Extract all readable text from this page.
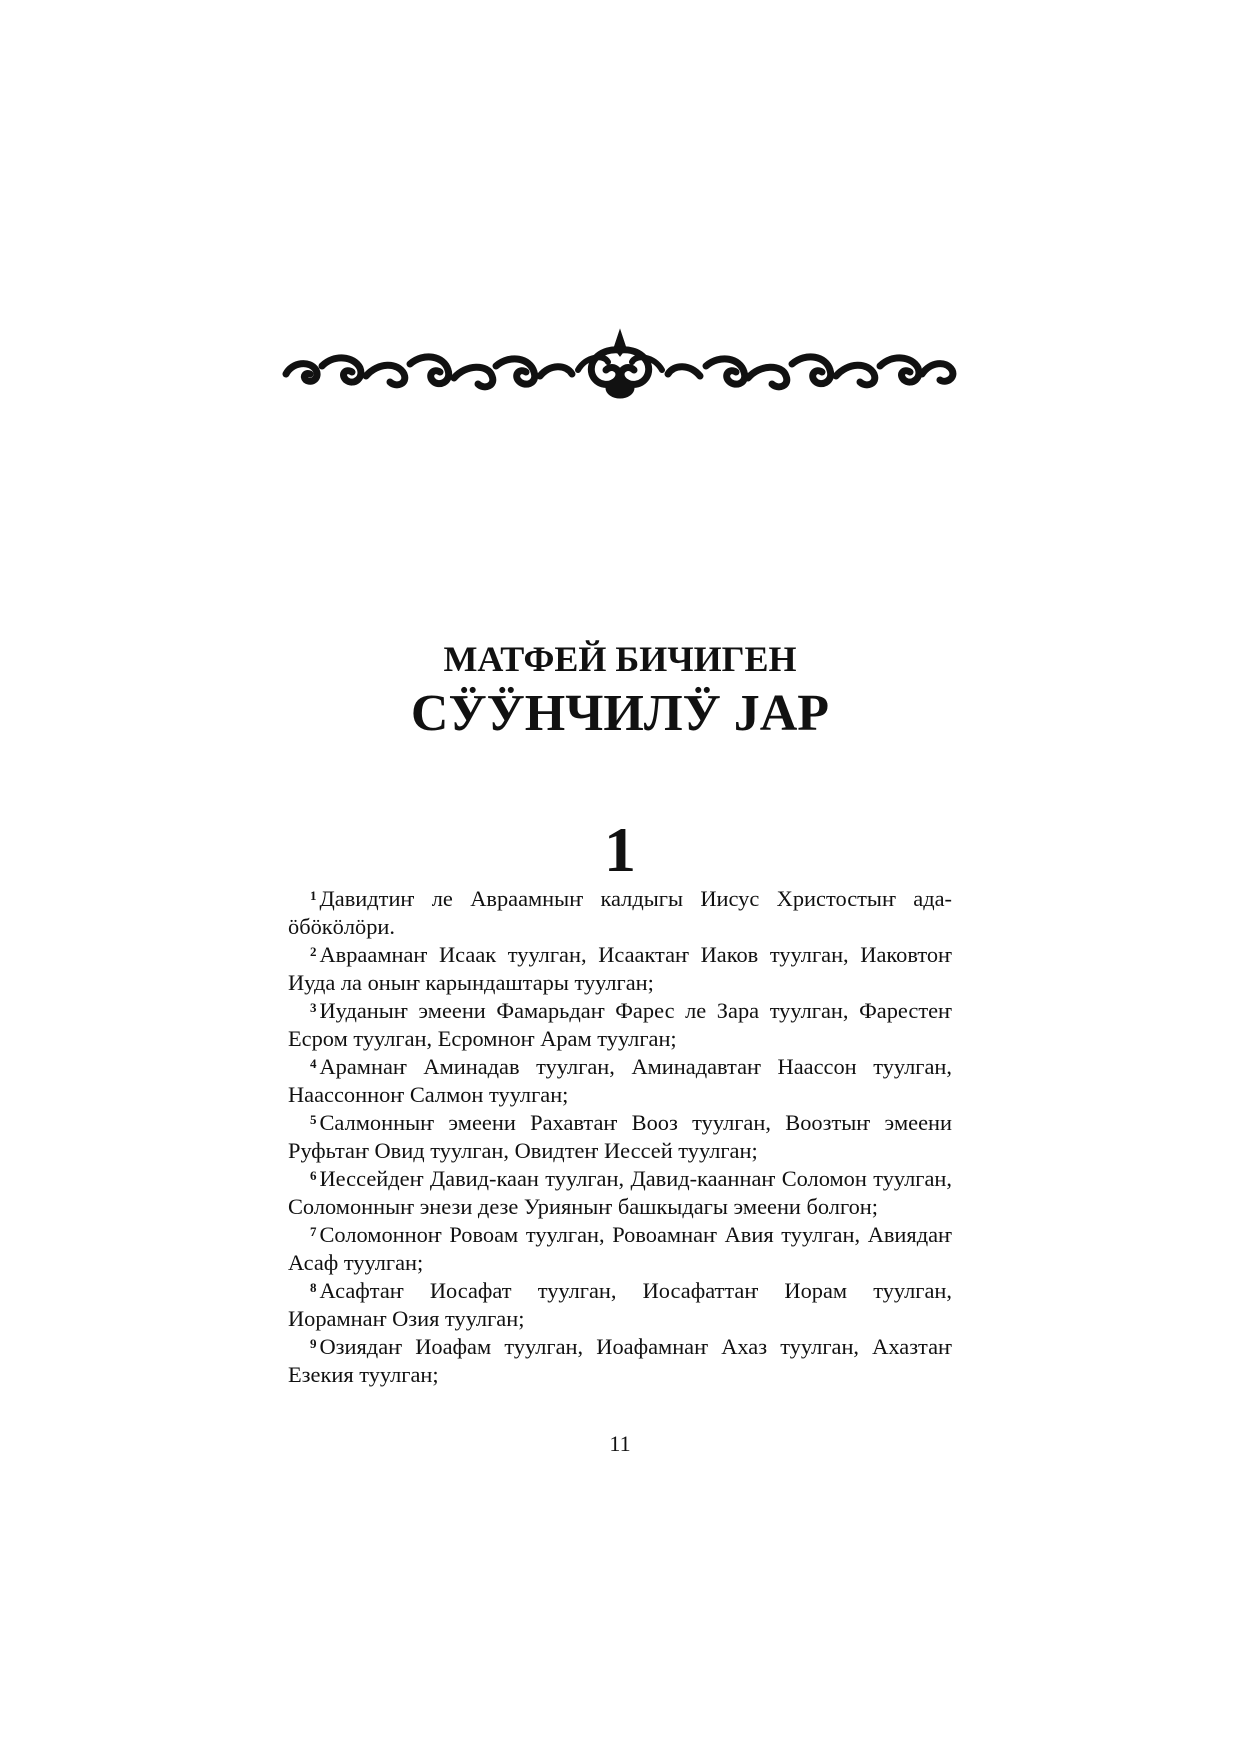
МАТФЕЙ БИЧИГЕН
СӰӰНЧИЛӰ ЈАР
1

$^1$ Давидтиҥ ле Авраамныҥ калдыгы Иисус Христостыҥ ада-ӧбӧкӧлӧри.

$^2$ Авраамнаҥ Исаак туулган, Исаактаҥ Иаков туулган, Иаковтоҥ Иуда ла оныҥ карындаштары туулган;

$^3$ Иуданыҥ эмеени Фамарьдаҥ Фарес ле Зара туулган, Фарестеҥ Есром туулган, Есромноҥ Арам туулган;

$^4$ Арамнаҥ Аминадав туулган, Аминадавтаҥ Наассон туулган, Наассонноҥ Салмон туулган;

$^5$ Салмонныҥ эмеени Рахавтаҥ Вооз туулган, Воозтыҥ эмеени Руфьтаҥ Овид туулган, Овидтеҥ Иессей туулган;

$^6$ Иессейдеҥ Давид-каан туулган, Давид-кааннаҥ Соломон туулган, Соломонныҥ энези дезе Урияныҥ башкыдагы эмеени болгон;

$^7$ Соломонноҥ Ровоам туулган, Ровоамнаҥ Авия туулган, Авиядаҥ Асаф туулган;

$^8$ Асафтаҥ Иосафат туулган, Иосафаттаҥ Иорам туулган, Иорамнаҥ Озия туулган;

$^9$ Озиядаҥ Иоафам туулган, Иоафамнаҥ Ахаз туулган, Ахазтаҥ Езекия туулган;

11
